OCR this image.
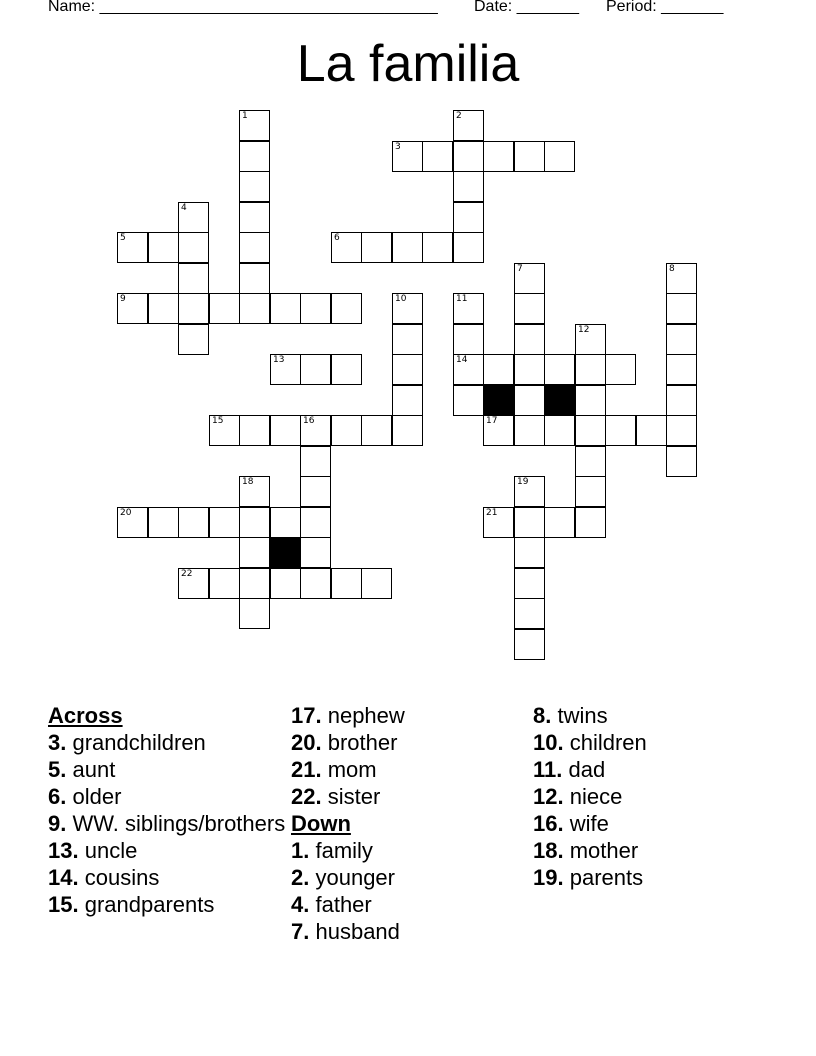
Name: ______________________________________ Date: _______ Period: _______
La familia
3
5	6
9
13	14
15	16	17
20	21
22
1	2
4
7	8
10	11
12
18	19
Across
3. grandchildren
5. aunt
6. older
9. WW. siblings/brothers
13. uncle
14. cousins
15. grandparents
17. nephew
20. brother
21. mom
22. sister
Down
1. family
2. younger
4. father
7. husband
8. twins
10. children
11. dad
12. niece
16. wife
18. mother
19. parents
